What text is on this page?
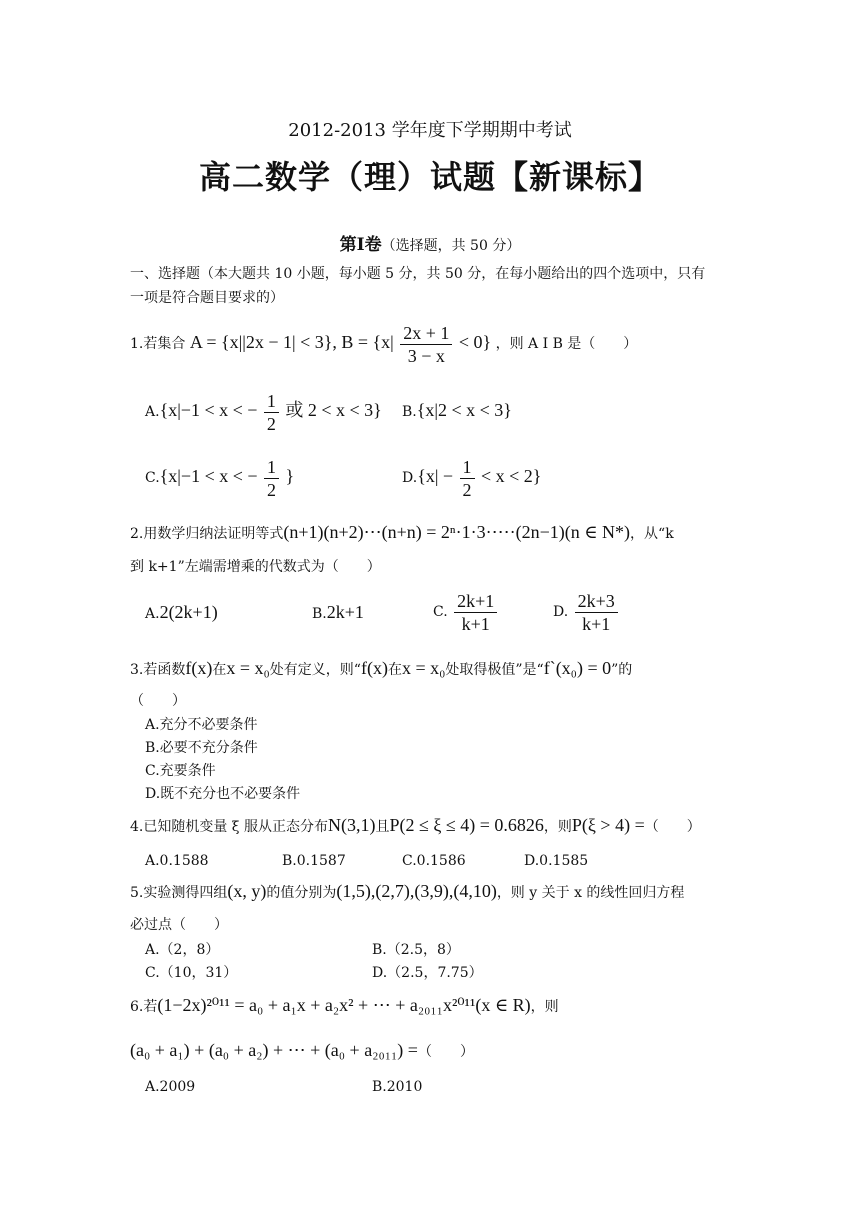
2012-2013 学年度下学期期中考试
高二数学（理）试题【新课标】
第Ⅰ卷（选择题，共 50 分）
一、选择题（本大题共 10 小题，每小题 5 分，共 50 分，在每小题给出的四个选项中，只有
一项是符合题目要求的）
1.若集合 A = {x||2x − 1| < 3}, $B = \{x| \frac{2x + 1}{3 - x} < 0\}$ ，则 A Ⅰ B 是（　　）
A.{x|−1 < x < − $\frac{1}{2}$ 或 2 < x < 3} B.{x|2 < x < 3}
C.{x|−1 < x < − $\frac{1}{2}$ }	$D.\{x| - \frac{1}{2} < x < 2\}$
2.用数学归纳法证明等式(n+1)(n+2)⋯(n+n) = 2ⁿ·1·3·⋯·(2n−1)(n ∈ N*)，从“k
到 k+1”左端需增乘的代数式为（　　）
A.2(2k+1)	B.2k+1	C. $\frac{2k+1}{k+1}$	D. $\frac{2k+3}{k+1}$
3.若函数f(x)在x = x₀处有定义，则“f(x)在x = x₀处取得极值”是“f`(x₀) = 0”的
（　　）
A.充分不必要条件
B.必要不充分条件
C.充要条件
D.既不充分也不必要条件
4.已知随机变量 ξ 服从正态分布N(3,1)且P(2 ≤ ξ ≤ 4) = 0.6826，则P(ξ > 4) =（　　）
A.0.1588	B.0.1587	C.0.1586	D.0.1585
5.实验测得四组(x, y)的值分别为(1,5),(2,7),(3,9),(4,10)，则 y 关于 x 的线性回归方程
必过点（　　）
A.（2，8）	B.（2.5，8）
C.（10，31）	D.（2.5，7.75）
6.若(1−2x)²⁰¹¹ = a₀ + a₁x + a₂x² + ⋯ + a₂₀₁₁x²⁰¹¹(x ∈ R)，则
(a₀ + a₁) + (a₀ + a₂) + ⋯ + (a₀ + a₂₀₁₁) =（　　）
A.2009	B.2010
